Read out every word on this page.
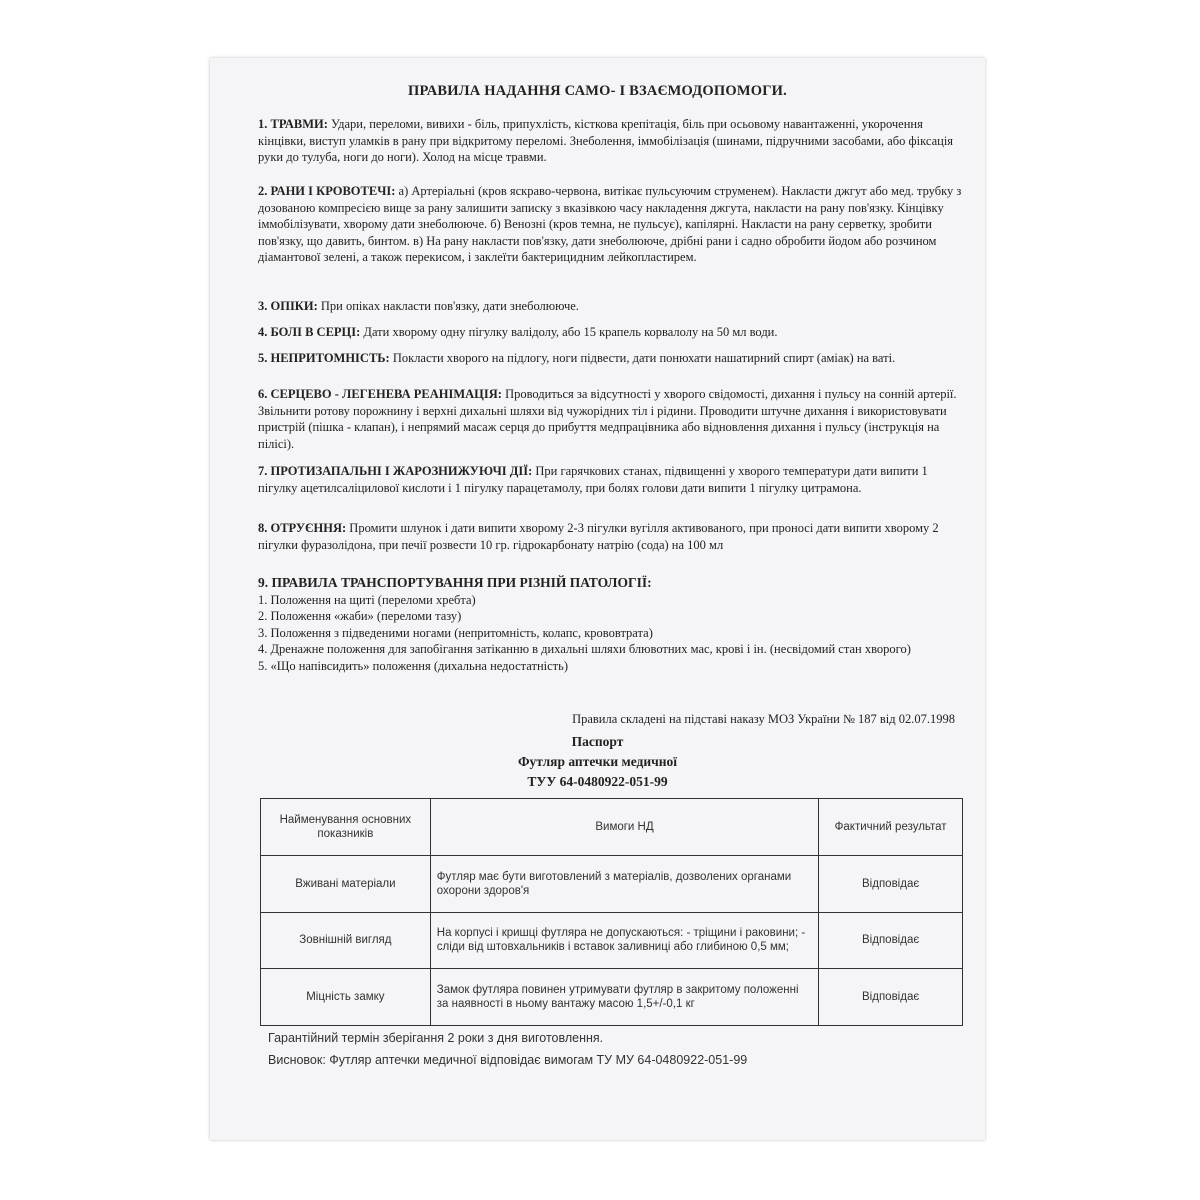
ПРАВИЛА НАДАННЯ САМО- І ВЗАЄМОДОПОМОГИ.

1. ТРАВМИ: Удари, переломи, вивихи - біль, припухлість, кісткова крепітація, біль при осьовому навантаженні, укорочення кінцівки, виступ уламків в рану при відкритому переломі. Знеболення, іммобілізація (шинами, підручними засобами, або фіксація руки до тулуба, ноги до ноги). Холод на місце травми.

2. РАНИ І КРОВОТЕЧІ: а) Артеріальні (кров яскраво-червона, витікає пульсуючим струменем). Накласти джгут або мед. трубку з дозованою компресією вище за рану залишити записку з вказівкою часу накладення джгута, накласти на рану пов'язку. Кінцівку іммобілізувати, хворому дати знеболююче. б) Венозні (кров темна, не пульсує), капілярні. Накласти на рану серветку, зробити пов'язку, що давить, бинтом. в) На рану накласти пов'язку, дати знеболююче, дрібні рани і садно обробити йодом або розчином діамантової зелені, а також перекисом, і заклеїти бактерицидним лейкопластирем.

3. ОПІКИ: При опіках накласти пов'язку, дати знеболююче.

4. БОЛІ В СЕРЦІ: Дати хворому одну пігулку валідолу, або 15 крапель корвалолу на 50 мл води.

5. НЕПРИТОМНІСТЬ: Покласти хворого на підлогу, ноги підвести, дати понюхати нашатирний спирт (аміак) на ваті.

6. СЕРЦЕВО - ЛЕГЕНЕВА РЕАНІМАЦІЯ: Проводиться за відсутності у хворого свідомості, дихання і пульсу на сонній артерії. Звільнити ротову порожнину і верхні дихальні шляхи від чужорідних тіл і рідини. Проводити штучне дихання і використовувати пристрій (пішка - клапан), і непрямий масаж серця до прибуття медпрацівника або відновлення дихання і пульсу (інструкція на пілісі).

7. ПРОТИЗАПАЛЬНІ І ЖАРОЗНИЖУЮЧІ ДІЇ: При гарячкових станах, підвищенні у хворого температури дати випити 1 пігулку ацетилсаліцилової кислоти і 1 пігулку парацетамолу, при болях голови дати випити 1 пігулку цитрамона.

8. ОТРУЄННЯ: Промити шлунок і дати випити хворому 2-3 пігулки вугілля активованого, при проносі дати випити хворому 2 пігулки фуразолідона, при печії розвести 10 гр. гідрокарбонату натрію (сода) на 100 мл

9. ПРАВИЛА ТРАНСПОРТУВАННЯ ПРИ РІЗНІЙ ПАТОЛОГІЇ:
1. Положення на щиті (переломи хребта)
2. Положення «жаби» (переломи тазу)
3. Положення з підведеними ногами (непритомність, колапс, крововтрата)
4. Дренажне положення для запобігання затіканню в дихальні шляхи блювотних мас, крові і ін. (несвідомий стан хворого)
5. «Що напівсидить» положення (дихальна недостатність)
Правила складені на підставі наказу МОЗ України № 187 від 02.07.1998
Паспорт
Футляр аптечки медичної
ТУУ 64-0480922-051-99
Найменування основних показників	Вимоги НД	Фактичний результат
Вживані матеріали	Футляр має бути виготовлений з матеріалів, дозволених органами охорони здоров'я	Відповідає
Зовнішній вигляд	На корпусі і кришці футляра не допускаються: - тріщини і раковини; - сліди від штовхальників і вставок заливниці або глибиною 0,5 мм;	Відповідає
Міцність замку	Замок футляра повинен утримувати футляр в закритому положенні за наявності в ньому вантажу масою 1,5+/-0,1 кг	Відповідає
Гарантійний термін зберігання 2 роки з дня виготовлення.
Висновок: Футляр аптечки медичної відповідає вимогам ТУ МУ 64-0480922-051-99
